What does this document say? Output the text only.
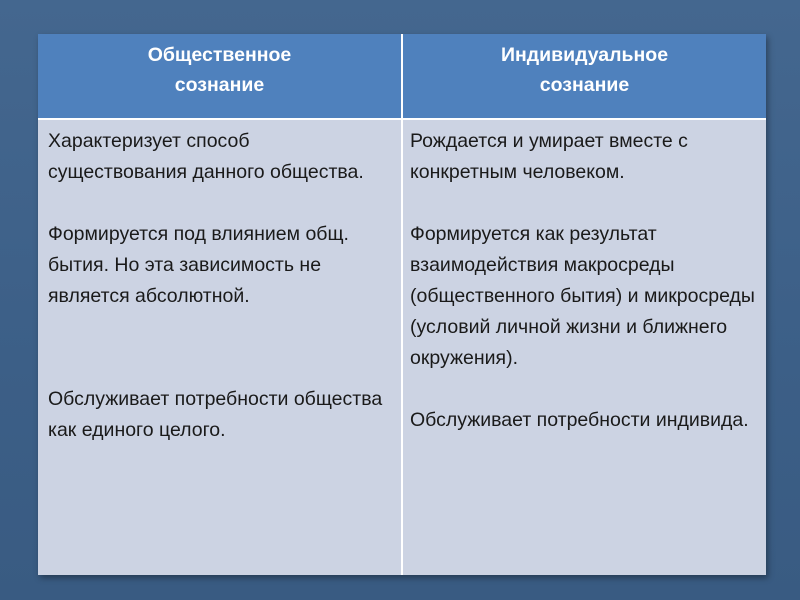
Общественное сознание
Индивидуальное сознание

Характеризует способ существования данного общества.

Формируется под влиянием общ. бытия. Но эта зависимость не является абсолютной.

Обслуживает потребности общества как единого целого.

Рождается и умирает вместе с конкретным человеком.

Формируется как результат взаимодействия макросреды (общественного бытия) и микросреды (условий личной жизни и ближнего окружения).

Обслуживает потребности индивида.
